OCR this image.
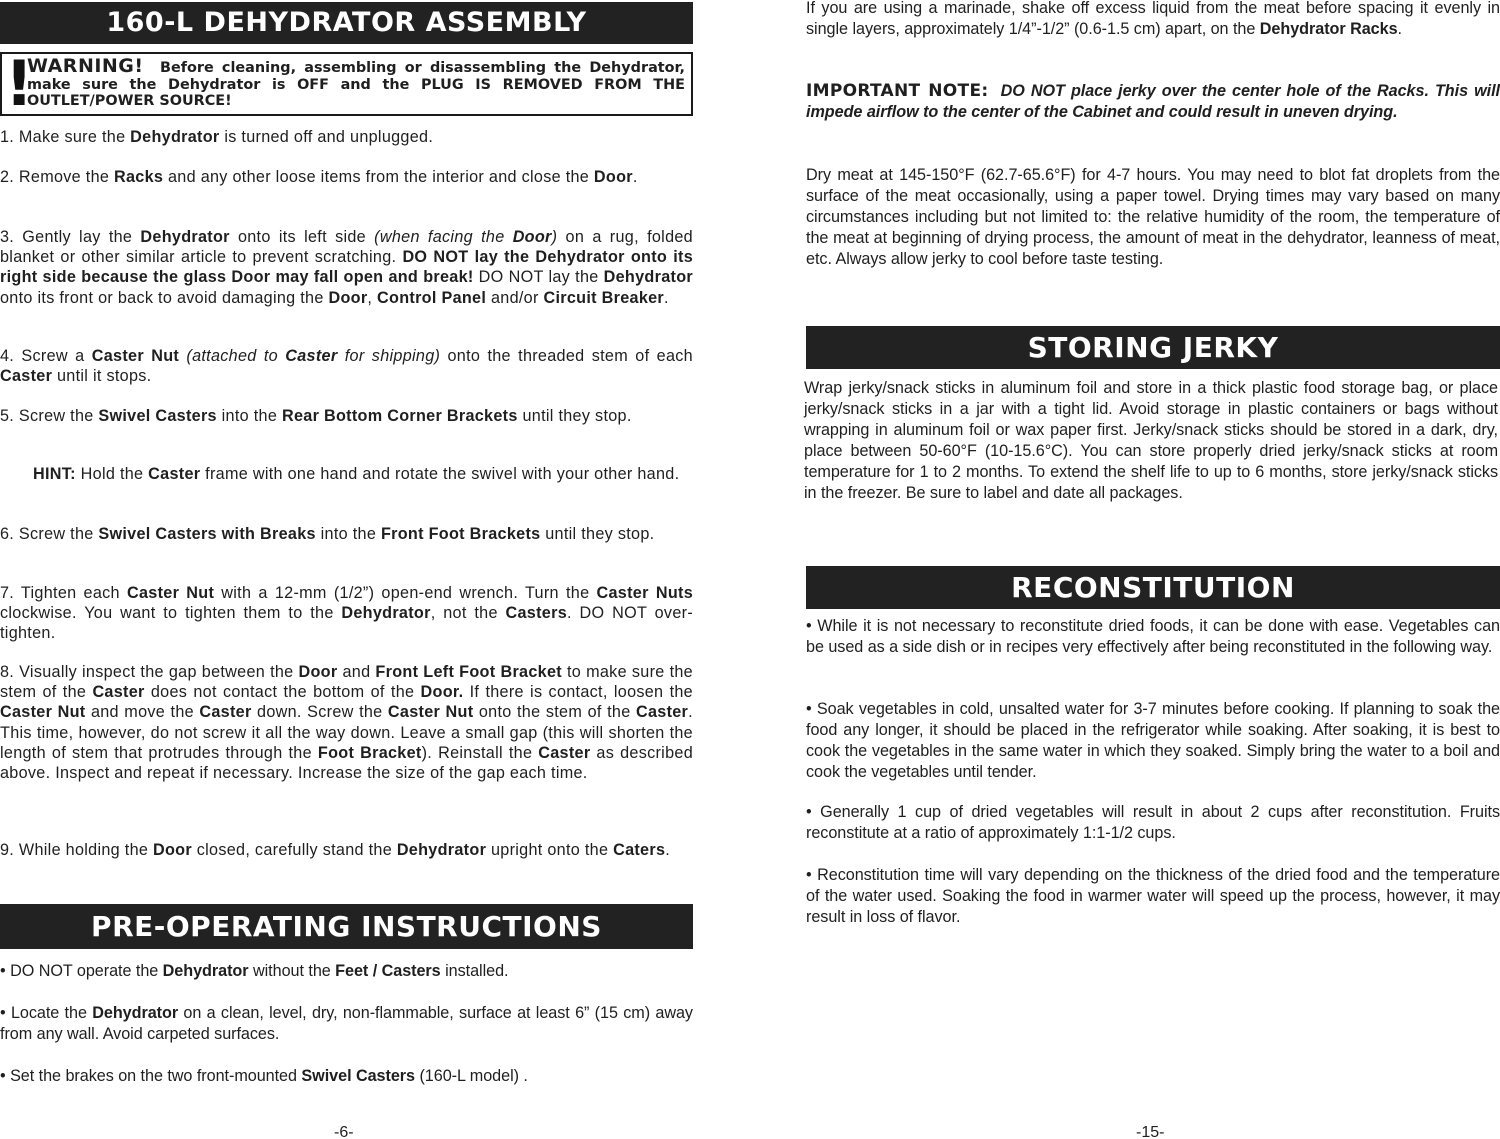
160-L DEHYDRATOR ASSEMBLY
!
WARNING! Before cleaning, assembling or disassembling the Dehydrator, make sure the Dehydrator is OFF and the PLUG IS REMOVED FROM THE OUTLET/POWER SOURCE!
1. Make sure the Dehydrator is turned off and unplugged.
2. Remove the Racks and any other loose items from the interior and close the Door.
3. Gently lay the Dehydrator onto its left side (when facing the Door) on a rug, folded blanket or other similar article to prevent scratching. DO NOT lay the Dehydrator onto its right side because the glass Door may fall open and break! DO NOT lay the Dehydrator onto its front or back to avoid damaging the Door, Control Panel and/or Circuit Breaker.
4. Screw a Caster Nut (attached to Caster for shipping) onto the threaded stem of each Caster until it stops.
5. Screw the Swivel Casters into the Rear Bottom Corner Brackets until they stop.
HINT: Hold the Caster frame with one hand and rotate the swivel with your other hand.
6. Screw the Swivel Casters with Breaks into the Front Foot Brackets until they stop.
7. Tighten each Caster Nut with a 12-mm (1/2”) open-end wrench. Turn the Caster Nuts clockwise. You want to tighten them to the Dehydrator, not the Casters. DO NOT over-tighten.
8. Visually inspect the gap between the Door and Front Left Foot Bracket to make sure the stem of the Caster does not contact the bottom of the Door. If there is contact, loosen the Caster Nut and move the Caster down. Screw the Caster Nut onto the stem of the Caster. This time, however, do not screw it all the way down. Leave a small gap (this will shorten the length of stem that protrudes through the Foot Bracket). Reinstall the Caster as described above. Inspect and repeat if necessary. Increase the size of the gap each time.
9. While holding the Door closed, carefully stand the Dehydrator upright onto the Caters.
PRE-OPERATING INSTRUCTIONS
• DO NOT operate the Dehydrator without the Feet / Casters installed.
• Locate the Dehydrator on a clean, level, dry, non-flammable, surface at least 6” (15 cm) away from any wall. Avoid carpeted surfaces.
• Set the brakes on the two front-mounted Swivel Casters (160-L model) .
-6-
If you are using a marinade, shake off excess liquid from the meat before spacing it evenly in single layers, approximately 1/4”-1/2” (0.6-1.5 cm) apart, on the Dehydrator Racks.
IMPORTANT NOTE: DO NOT place jerky over the center hole of the Racks. This will impede airflow to the center of the Cabinet and could result in uneven drying.
Dry meat at 145-150°F (62.7-65.6°F) for 4-7 hours. You may need to blot fat droplets from the surface of the meat occasionally, using a paper towel. Drying times may vary based on many circumstances including but not limited to: the relative humidity of the room, the temperature of the meat at beginning of drying process, the amount of meat in the dehydrator, leanness of meat, etc. Always allow jerky to cool before taste testing.
STORING JERKY
Wrap jerky/snack sticks in aluminum foil and store in a thick plastic food storage bag, or place jerky/snack sticks in a jar with a tight lid. Avoid storage in plastic containers or bags without wrapping in aluminum foil or wax paper first. Jerky/snack sticks should be stored in a dark, dry, place between 50-60°F (10-15.6°C). You can store properly dried jerky/snack sticks at room temperature for 1 to 2 months. To extend the shelf life to up to 6 months, store jerky/snack sticks in the freezer. Be sure to label and date all packages.
RECONSTITUTION
• While it is not necessary to reconstitute dried foods, it can be done with ease. Vegetables can be used as a side dish or in recipes very effectively after being reconstituted in the following way.
• Soak vegetables in cold, unsalted water for 3-7 minutes before cooking. If planning to soak the food any longer, it should be placed in the refrigerator while soaking. After soaking, it is best to cook the vegetables in the same water in which they soaked. Simply bring the water to a boil and cook the vegetables until tender.
• Generally 1 cup of dried vegetables will result in about 2 cups after reconstitution. Fruits reconstitute at a ratio of approximately 1:1-1/2 cups.
• Reconstitution time will vary depending on the thickness of the dried food and the temperature of the water used. Soaking the food in warmer water will speed up the process, however, it may result in loss of flavor.
-15-
